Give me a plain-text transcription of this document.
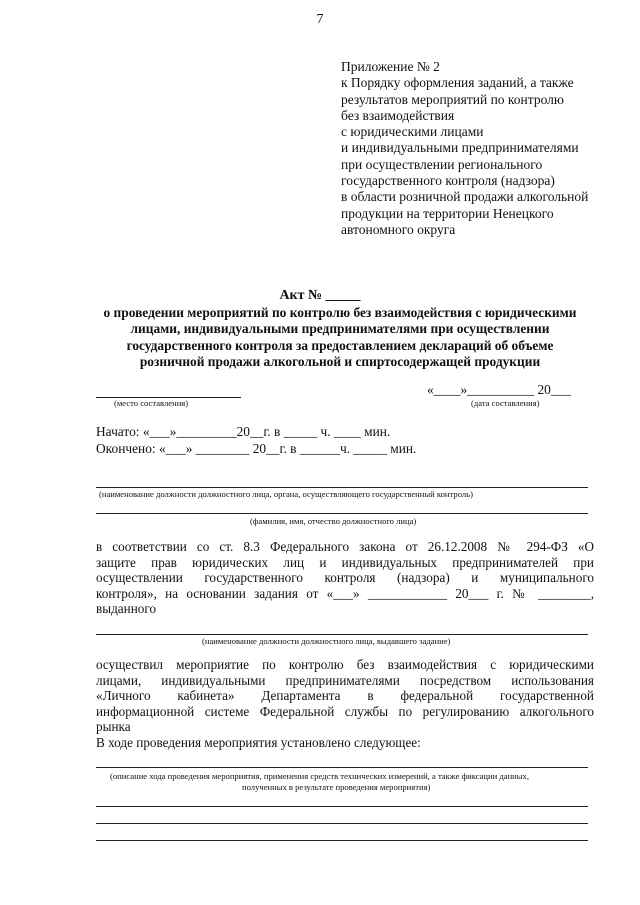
7
Приложение № 2
к Порядку оформления заданий, а также
результатов мероприятий по контролю
без взаимодействия
с юридическими лицами
и индивидуальными предпринимателями
при осуществлении регионального
государственного контроля (надзора)
в области розничной продажи алкогольной
продукции на территории Ненецкого
автономного округа
Акт № _____
о проведении мероприятий по контролю без взаимодействия с юридическими
лицами, индивидуальными предпринимателями при осуществлении
государственного контроля за предоставлением деклараций об объеме
розничной продажи алкогольной и спиртосодержащей продукции
(место составления)
«____»__________ 20___
(дата составления)
Начато: «___»_________20__г. в _____ ч. ____ мин.
Окончено: «___» ________ 20__г. в ______ч. _____ мин.
(наименование должности должностного лица, органа, осуществляющего государственный контроль)
(фамилия, имя, отчество должностного лица)
в соответствии со ст. 8.3 Федерального закона от 26.12.2008 № 294-ФЗ «О
защите прав юридических лиц и индивидуальных предпринимателей при
осуществлении государственного контроля (надзора) и муниципального
контроля», на основании задания от «___» ____________ 20___ г. № ________,
выданного
(наименование должности должностного лица, выдавшего задание)
осуществил мероприятие по контролю без взаимодействия с юридическими
лицами, индивидуальными предпринимателями посредством использования
«Личного кабинета» Департамента в федеральной государственной
информационной системе Федеральной службы по регулированию алкогольного
рынка
В ходе проведения мероприятия установлено следующее:
(описание хода проведения мероприятия, применения средств технических измерений, а также фиксации данных,
полученных в результате проведения мероприятия)
